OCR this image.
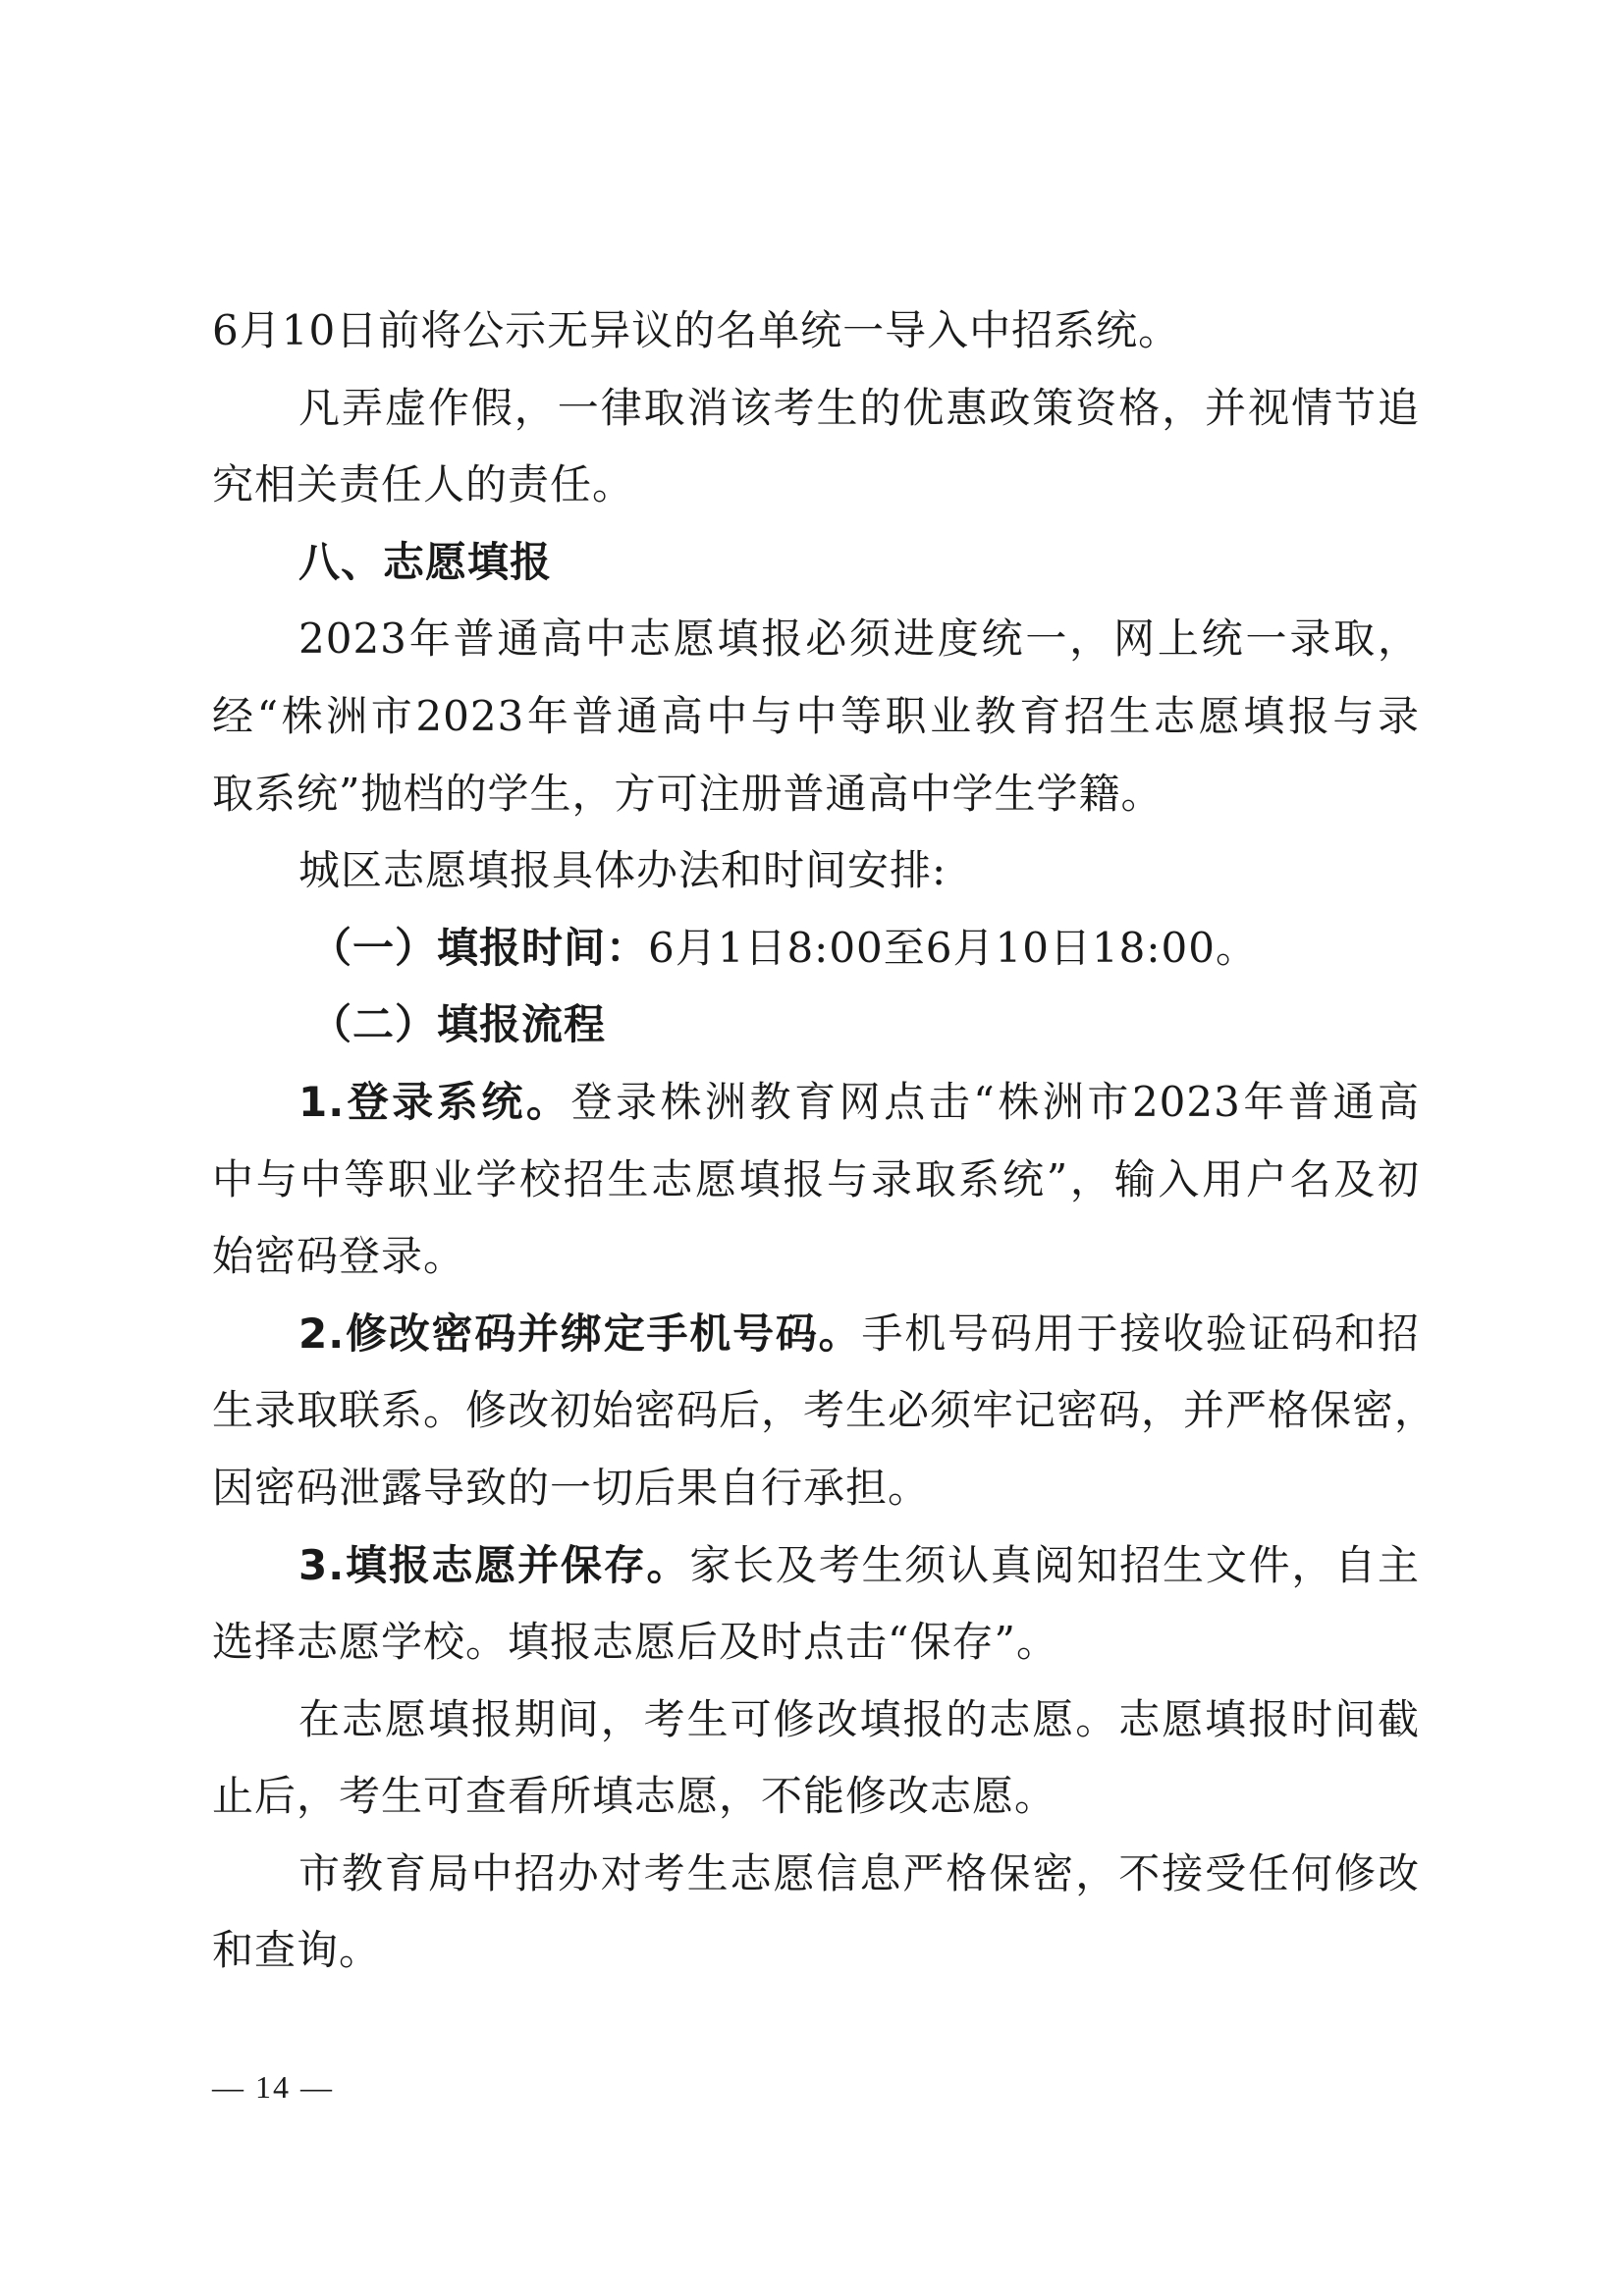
6月10日前将公示无异议的名单统一导入中招系统。
凡弄虚作假，一律取消该考生的优惠政策资格，并视情节追
究相关责任人的责任。
八、志愿填报
2023年普通高中志愿填报必须进度统一，网上统一录取，
经“株洲市2023年普通高中与中等职业教育招生志愿填报与录
取系统”抛档的学生，方可注册普通高中学生学籍。
城区志愿填报具体办法和时间安排:
（一）填报时间：6月1日8:00至6月10日18:00。
（二）填报流程
1.登录系统。登录株洲教育网点击“株洲市2023年普通高
中与中等职业学校招生志愿填报与录取系统”，输入用户名及初
始密码登录。
2.修改密码并绑定手机号码。手机号码用于接收验证码和招
生录取联系。修改初始密码后，考生必须牢记密码，并严格保密，
因密码泄露导致的一切后果自行承担。
3.填报志愿并保存。家长及考生须认真阅知招生文件，自主
选择志愿学校。填报志愿后及时点击“保存”。
在志愿填报期间，考生可修改填报的志愿。志愿填报时间截
止后，考生可查看所填志愿，不能修改志愿。
市教育局中招办对考生志愿信息严格保密，不接受任何修改
和查询。
— 14 —
